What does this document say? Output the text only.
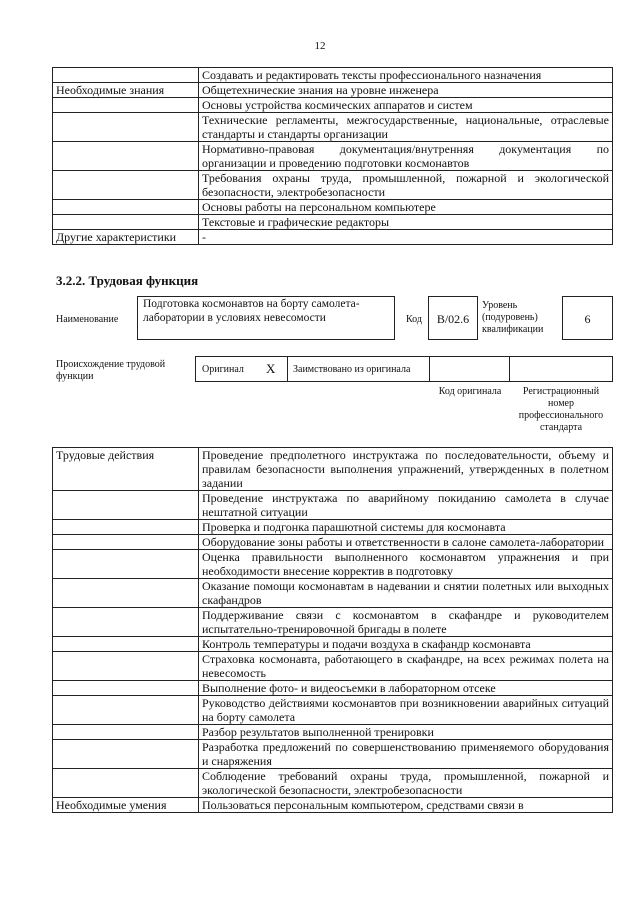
12
	Создавать и редактировать тексты профессионального назначения
Необходимые знания	Общетехнические знания на уровне инженера
	Основы устройства космических аппаратов и систем
	Технические регламенты, межгосударственные, национальные, отраслевые стандарты и стандарты организации
	Нормативно-правовая документация/внутренняя документация по организации и проведению подготовки космонавтов
	Требования охраны труда, промышленной, пожарной и экологической безопасности, электробезопасности
	Основы работы на персональном компьютере
	Текстовые и графические редакторы
Другие характеристики	-
3.2.2. Трудовая функция
Наименование
Подготовка космонавтов на борту самолета-лаборатории в условиях невесомости	Код	B/02.6
Уровень (подуровень) квалификации
6
Происхождение трудовой функции
Оригинал X Заимствовано из оригинала
Код оригинала	Регистрационный номер профессионального стандарта
Трудовые действия	Проведение предполетного инструктажа по последовательности, объему и правилам безопасности выполнения упражнений, утвержденных в полетном задании
	Проведение инструктажа по аварийному покиданию самолета в случае нештатной ситуации
	Проверка и подгонка парашютной системы для космонавта
	Оборудование зоны работы и ответственности в салоне самолета-лаборатории
	Оценка правильности выполненного космонавтом упражнения и при необходимости внесение корректив в подготовку
	Оказание помощи космонавтам в надевании и снятии полетных или выходных скафандров
	Поддерживание связи с космонавтом в скафандре и руководителем испытательно-тренировочной бригады в полете
	Контроль температуры и подачи воздуха в скафандр космонавта
	Страховка космонавта, работающего в скафандре, на всех режимах полета на невесомость
	Выполнение фото- и видеосъемки в лабораторном отсеке
	Руководство действиями космонавтов при возникновении аварийных ситуаций на борту самолета
	Разбор результатов выполненной тренировки
	Разработка предложений по совершенствованию применяемого оборудования и снаряжения
	Соблюдение требований охраны труда, промышленной, пожарной и экологической безопасности, электробезопасности
Необходимые умения	Пользоваться персональным компьютером, средствами связи в
